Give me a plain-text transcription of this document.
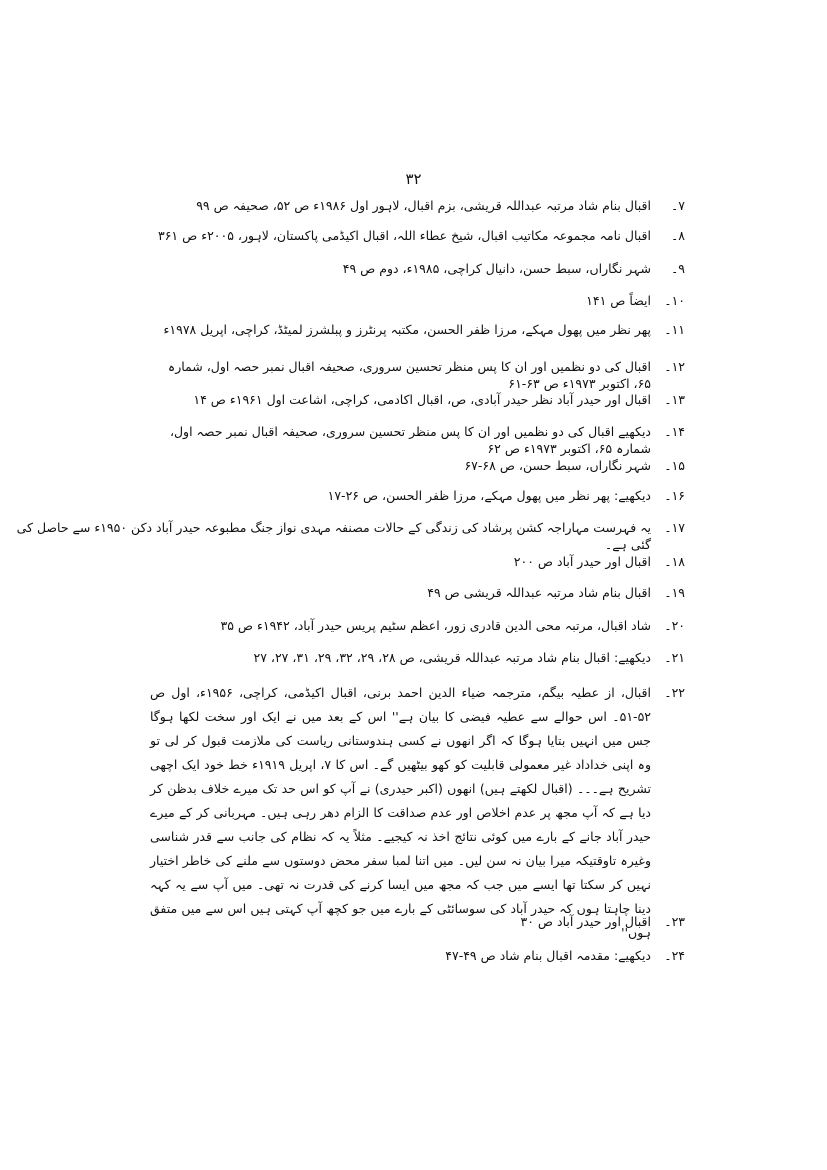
۳۲
۷۔
اقبال بنام شاد مرتبہ عبداللہ قریشی، بزم اقبال، لاہور اول ۱۹۸۶ء ص ۵۲، صحیفہ ص ۹۹
۸۔
اقبال نامہ مجموعہ مکاتیب اقبال، شیخ عطاء اللہ، اقبال اکیڈمی پاکستان، لاہور، ۲۰۰۵ء ص ۳۶۱
۹۔
شہر نگاراں، سبط حسن، دانیال کراچی، ۱۹۸۵ء، دوم ص ۴۹
۱۰۔
ایضاً ص ۱۴۱
۱۱۔
پھر نظر میں پھول مہکے، مرزا ظفر الحسن، مکتبہ پرنٹرز و پبلشرز لمیٹڈ، کراچی، اپریل ۱۹۷۸ء
۱۲۔
اقبال کی دو نظمیں اور ان کا پس منظر تحسین سروری، صحیفہ اقبال نمبر حصہ اول، شمارہ ۶۵، اکتوبر ۱۹۷۳ء ص ۶۳-۶۱
۱۳۔
اقبال اور حیدر آباد نظر حیدر آبادی، ص، اقبال اکادمی، کراچی، اشاعت اول ۱۹۶۱ء ص ۱۴
۱۴۔
دیکھیے اقبال کی دو نظمیں اور ان کا پس منظر تحسین سروری، صحیفہ اقبال نمبر حصہ اول، شمارہ ۶۵، اکتوبر ۱۹۷۳ء ص ۶۲
۱۵۔
شہر نگاراں، سبط حسن، ص ۶۸-۶۷
۱۶۔
دیکھیے: پھر نظر میں پھول مہکے، مرزا ظفر الحسن، ص ۲۶-۱۷
۱۷۔
یہ فہرست مہاراجہ کشن پرشاد کی زندگی کے حالات مصنفہ مہدی نواز جنگ مطبوعہ حیدر آباد دکن ۱۹۵۰ء سے حاصل کی گئی ہے۔
۱۸۔
اقبال اور حیدر آباد ص ۲۰۰
۱۹۔
اقبال بنام شاد مرتبہ عبداللہ قریشی ص ۴۹
۲۰۔
شاد اقبال، مرتبہ محی الدین قادری زور، اعظم سٹیم پریس حیدر آباد، ۱۹۴۲ء ص ۳۵
۲۱۔
دیکھیے: اقبال بنام شاد مرتبہ عبداللہ قریشی، ص ۲۸، ۲۹، ۳۲، ۲۹، ۳۱، ۲۷، ۲۷
۲۲۔
اقبال، از عطیہ بیگم، مترجمہ ضیاء الدین احمد برنی، اقبال اکیڈمی، کراچی، ۱۹۵۶ء، اول ص ۵۲-۵۱۔ اس حوالے سے عطیہ فیضی کا بیان ہے'' اس کے بعد میں نے ایک اور سخت لکھا ہوگا جس میں انہیں بتایا ہوگا کہ اگر انھوں نے کسی ہندوستانی ریاست کی ملازمت قبول کر لی تو وہ اپنی خداداد غیر معمولی قابلیت کو کھو بیٹھیں گے۔ اس کا ۷، اپریل ۱۹۱۹ء خط خود ایک اچھی تشریح ہے۔۔۔ (اقبال لکھتے ہیں) انھوں (اکبر حیدری) نے آپ کو اس حد تک میرے خلاف بدظن کر دیا ہے کہ آپ مجھ پر عدم اخلاص اور عدم صداقت کا الزام دھر رہی ہیں۔ مہربانی کر کے میرے حیدر آباد جانے کے بارے میں کوئی نتائج اخذ نہ کیجیے۔ مثلاً یہ کہ نظام کی جانب سے قدر شناسی وغیرہ تاوقتیکہ میرا بیان نہ سن لیں۔ میں اتنا لمبا سفر محض دوستوں سے ملنے کی خاطر اختیار نہیں کر سکتا تھا ایسے میں جب کہ مجھ میں ایسا کرنے کی قدرت نہ تھی۔ میں آپ سے یہ کہہ دینا چاہتا ہوں کہ حیدر آباد کی سوسائٹی کے بارے میں جو کچھ آپ کہتی ہیں اس سے میں متفق ہوں''
۲۳۔
اقبال اور حیدر آباد ص ۳۰
۲۴۔
دیکھیے: مقدمہ اقبال بنام شاد ص ۴۹-۴۷
